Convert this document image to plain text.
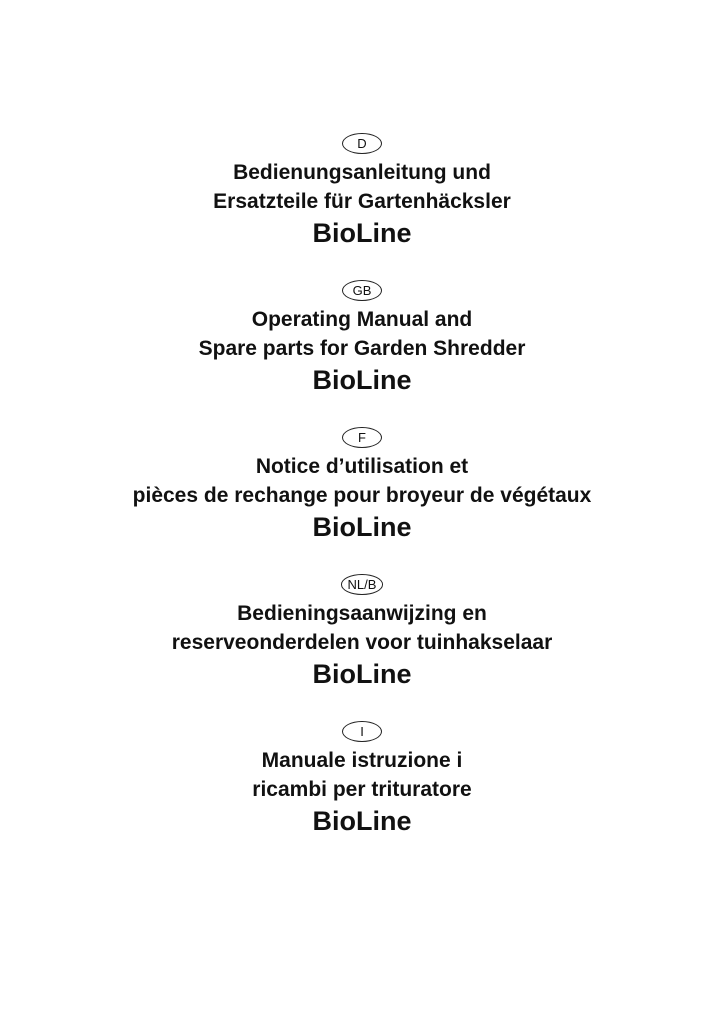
D
Bedienungsanleitung und
Ersatzteile für Gartenhäcksler
BioLine
GB
Operating Manual and
Spare parts for Garden Shredder
BioLine
F
Notice d’utilisation et
pièces de rechange pour broyeur de végétaux
BioLine
NL/B
Bedieningsaanwijzing en
reserveonderdelen voor tuinhakselaar
BioLine
I
Manuale istruzione i
ricambi per trituratore
BioLine
